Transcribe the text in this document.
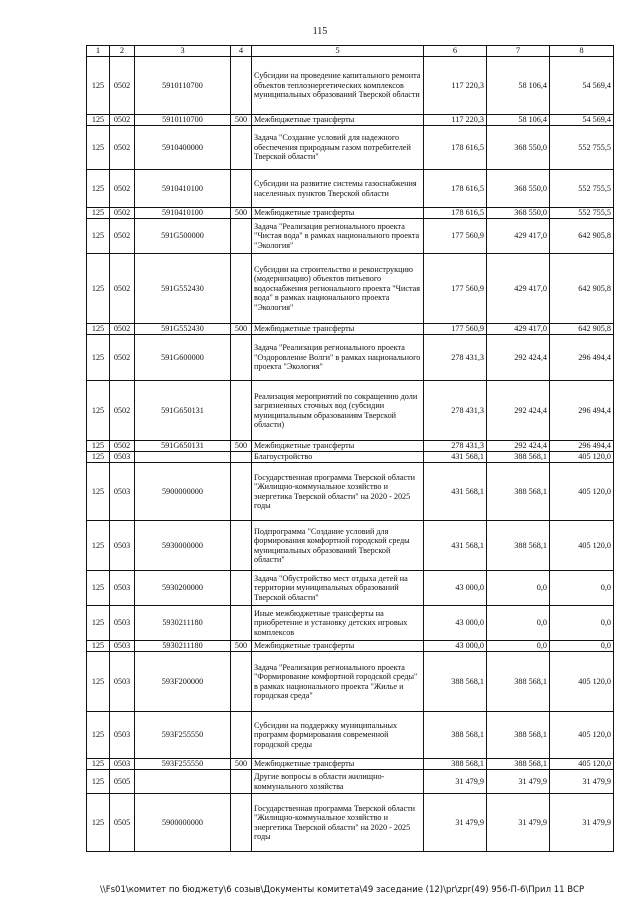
115
1	2	3	4	5	6	7	8
125	0502	5910110700		Субсидии на проведение капитального ремонта объектов теплоэнергетических комплексов муниципальных образований Тверской области	117 220,3	58 106,4	54 569,4
125	0502	5910110700	500	Межбюджетные трансферты	117 220,3	58 106,4	54 569,4
125	0502	5910400000		Задача "Создание условий для надежного обеспечения природным газом потребителей Тверской области"	178 616,5	368 550,0	552 755,5
125	0502	5910410100		Субсидии на развитие системы газоснабжения населенных пунктов Тверской области	178 616,5	368 550,0	552 755,5
125	0502	5910410100	500	Межбюджетные трансферты	178 616,5	368 550,0	552 755,5
125	0502	591G500000		Задача "Реализация регионального проекта "Чистая вода" в рамках национального проекта "Экология"	177 560,9	429 417,0	642 905,8
125	0502	591G552430		Субсидии на строительство и реконструкцию (модернизацию) объектов питьевого водоснабжения регионального проекта "Чистая вода" в рамках национального проекта "Экология"	177 560,9	429 417,0	642 905,8
125	0502	591G552430	500	Межбюджетные трансферты	177 560,9	429 417,0	642 905,8
125	0502	591G600000		Задача "Реализация регионального проекта "Оздоровление Волги" в рамках национального проекта "Экология"	278 431,3	292 424,4	296 494,4
125	0502	591G650131		Реализация мероприятий по сокращению доли загрязненных сточных вод (субсидии муниципальным образованиям Тверской области)	278 431,3	292 424,4	296 494,4
125	0502	591G650131	500	Межбюджетные трансферты	278 431,3	292 424,4	296 494,4
125	0503			Благоустройство	431 568,1	388 568,1	405 120,0
125	0503	5900000000		Государственная программа Тверской области "Жилищно-коммунальное хозяйство и энергетика Тверской области" на 2020 - 2025 годы	431 568,1	388 568,1	405 120,0
125	0503	5930000000		Подпрограмма "Создание условий для формирования комфортной городской среды муниципальных образований Тверской области"	431 568,1	388 568,1	405 120,0
125	0503	5930200000		Задача "Обустройство мест отдыха детей на территории муниципальных образований Тверской области"	43 000,0	0,0	0,0
125	0503	5930211180		Иные межбюджетные трансферты на приобретение и установку детских игровых комплексов	43 000,0	0,0	0,0
125	0503	5930211180	500	Межбюджетные трансферты	43 000,0	0,0	0,0
125	0503	593F200000		Задача "Реализация регионального проекта "Формирование комфортной городской среды" в рамках национального проекта "Жилье и городская среда"	388 568,1	388 568,1	405 120,0
125	0503	593F255550		Субсидии на поддержку муниципальных программ формирования современной городской среды	388 568,1	388 568,1	405 120,0
125	0503	593F255550	500	Межбюджетные трансферты	388 568,1	388 568,1	405 120,0
125	0505			Другие вопросы в области жилищно-коммунального хозяйства	31 479,9	31 479,9	31 479,9
125	0505	5900000000		Государственная программа Тверской области "Жилищно-коммунальное хозяйство и энергетика Тверской области" на 2020 - 2025 годы	31 479,9	31 479,9	31 479,9
\\Fs01\комитет по бюджету\6 созыв\Документы комитета\49 заседание (12)\pr\zpr(49) 956-П-6\Прил 11 ВСР
